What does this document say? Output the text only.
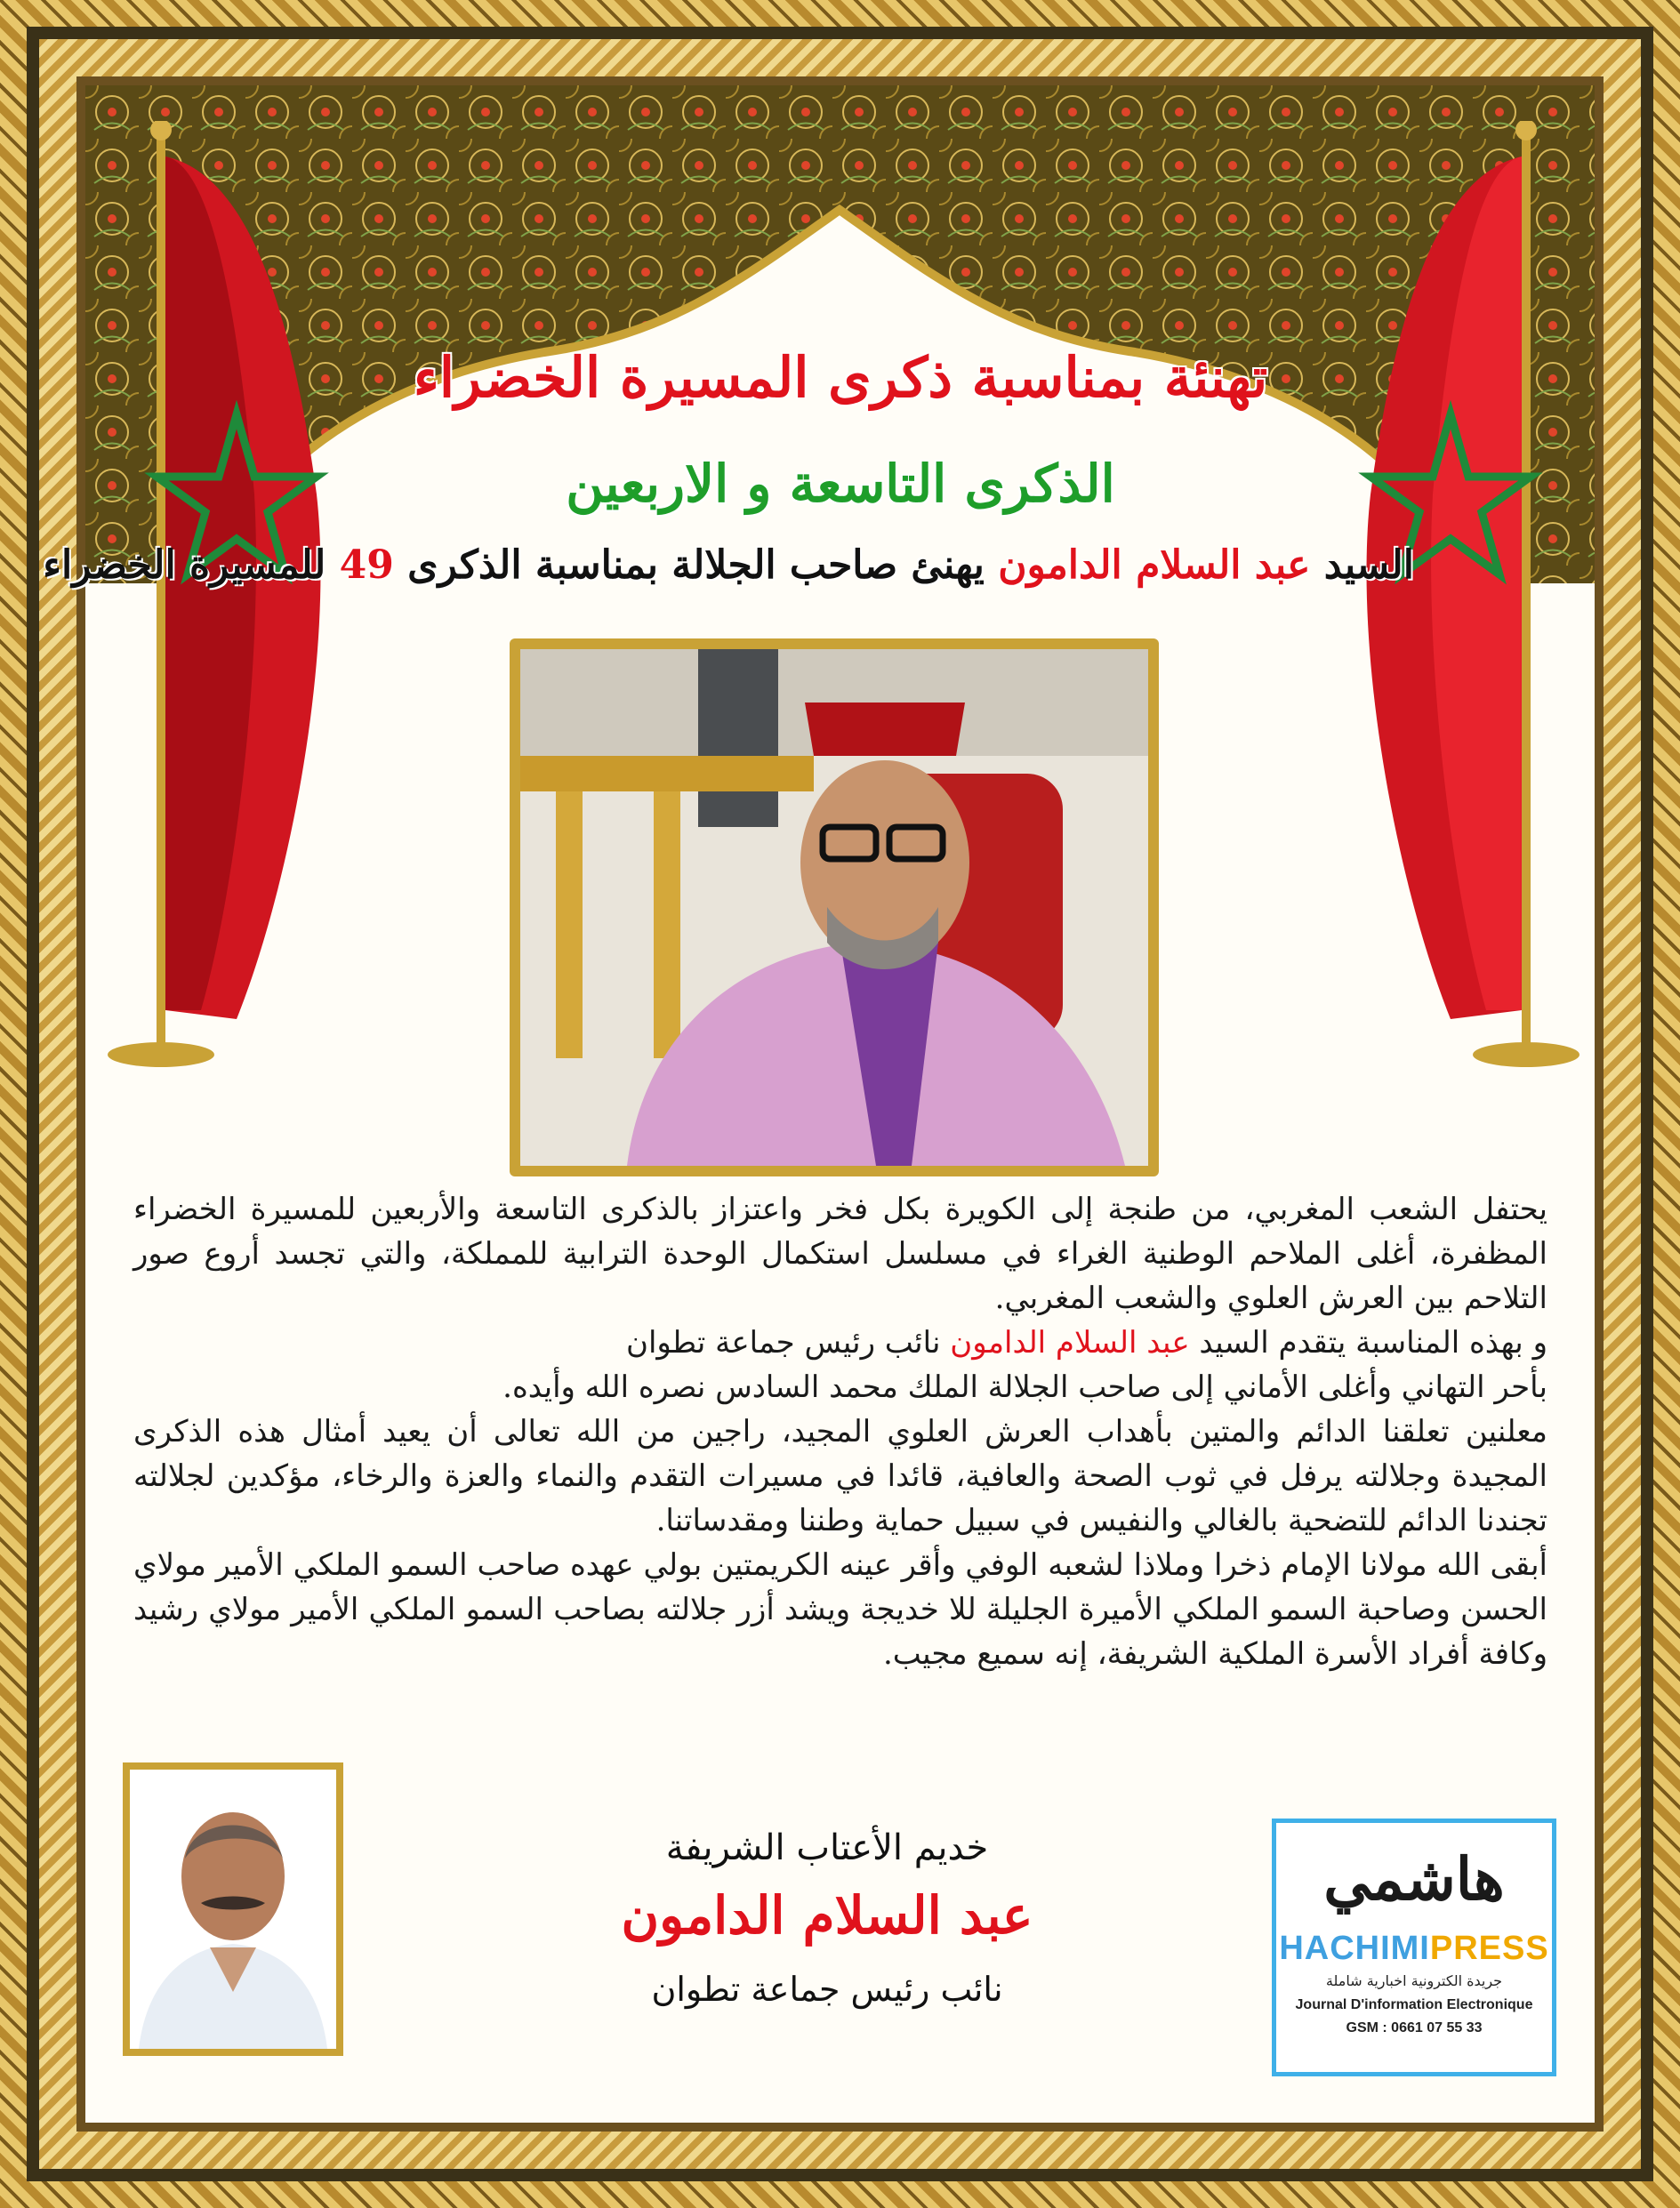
تهنئة بمناسبة ذكرى المسيرة الخضراء
الذكرى التاسعة و الاربعين
السيد عبد السلام الدامون يهنئ صاحب الجلالة بمناسبة الذكرى 49 للمسيرة الخضراء

يحتفل الشعب المغربي، من طنجة إلى الكويرة بكل فخر واعتزاز بالذكرى التاسعة والأربعين للمسيرة الخضراء المظفرة، أغلى الملاحم الوطنية الغراء في مسلسل استكمال الوحدة الترابية للمملكة، والتي تجسد أروع صور التلاحم بين العرش العلوي والشعب المغربي.

و بهذه المناسبة يتقدم السيد عبد السلام الدامون نائب رئيس جماعة تطوان

بأحر التهاني وأغلى الأماني إلى صاحب الجلالة الملك محمد السادس نصره الله وأيده.

معلنين تعلقنا الدائم والمتين بأهداب العرش العلوي المجيد، راجين من الله تعالى أن يعيد أمثال هذه الذكرى المجيدة وجلالته يرفل في ثوب الصحة والعافية، قائدا في مسيرات التقدم والنماء والعزة والرخاء، مؤكدين لجلالته تجندنا الدائم للتضحية بالغالي والنفيس في سبيل حماية وطننا ومقدساتنا.

أبقى الله مولانا الإمام ذخرا وملاذا لشعبه الوفي وأقر عينه الكريمتين بولي عهده صاحب السمو الملكي الأمير مولاي الحسن وصاحبة السمو الملكي الأميرة الجليلة للا خديجة ويشد أزر جلالته بصاحب السمو الملكي الأمير مولاي رشيد وكافة أفراد الأسرة الملكية الشريفة، إنه سميع مجيب.

خديم الأعتاب الشريفة
عبد السلام الدامون
نائب رئيس جماعة تطوان
هاشمي
HACHIMIPRESS
جريدة الكترونية اخبارية شاملة
Journal D'information Electronique
GSM : 0661 07 55 33
